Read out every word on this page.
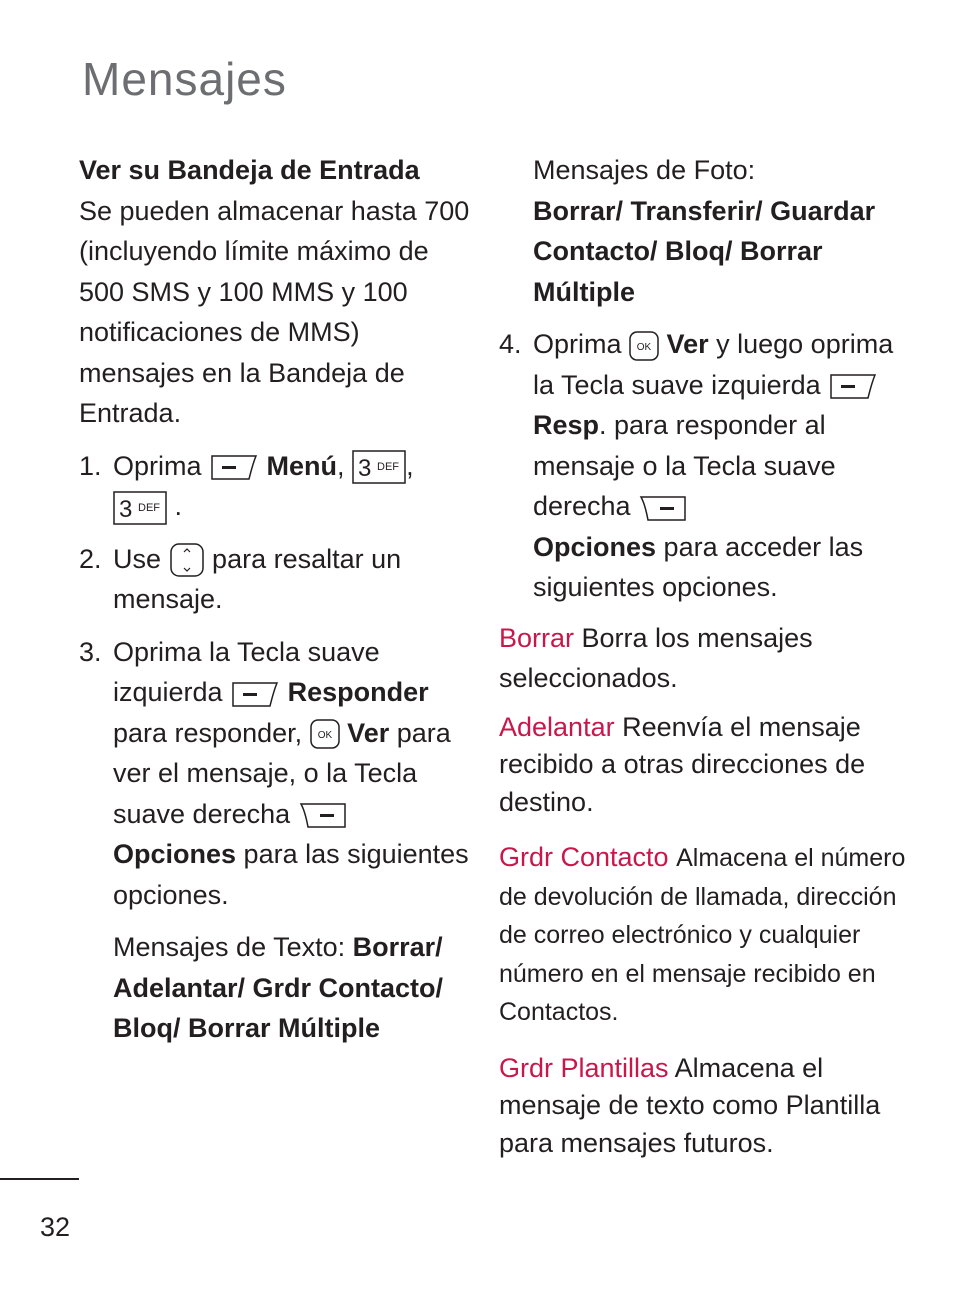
Mensajes
Ver su Bandeja de Entrada
Se pueden almacenar hasta 700 (incluyendo límite máximo de 500 SMS y 100 MMS y 100 notificaciones de MMS) mensajes en la Bandeja de Entrada.
1. Oprima Menú, 3 DEF ,

3 DEF .
2. Use para resaltar un mensaje.
3. Oprima la Tecla suave izquierda Responder para responder, OK Ver para ver el mensaje, o la Tecla suave derecha

Opciones para las siguientes opciones.
Mensajes de Texto: Borrar/ Adelantar/ Grdr Contacto/ Bloq/ Borrar Múltiple
Mensajes de Foto:
Borrar/ Transferir/ Guardar Contacto/ Bloq/ Borrar Múltiple
4. Oprima OK Ver y luego oprima la Tecla suave izquierda
Resp. para responder al mensaje o la Tecla suave derecha

Opciones para acceder las siguientes opciones.
Borrar Borra los mensajes seleccionados.
Adelantar Reenvía el mensaje recibido a otras direcciones de destino.
Grdr Contacto Almacena el número de devolución de llamada, dirección de correo electrónico y cualquier número en el mensaje recibido en Contactos.
Grdr Plantillas Almacena el mensaje de texto como Plantilla para mensajes futuros.
32
